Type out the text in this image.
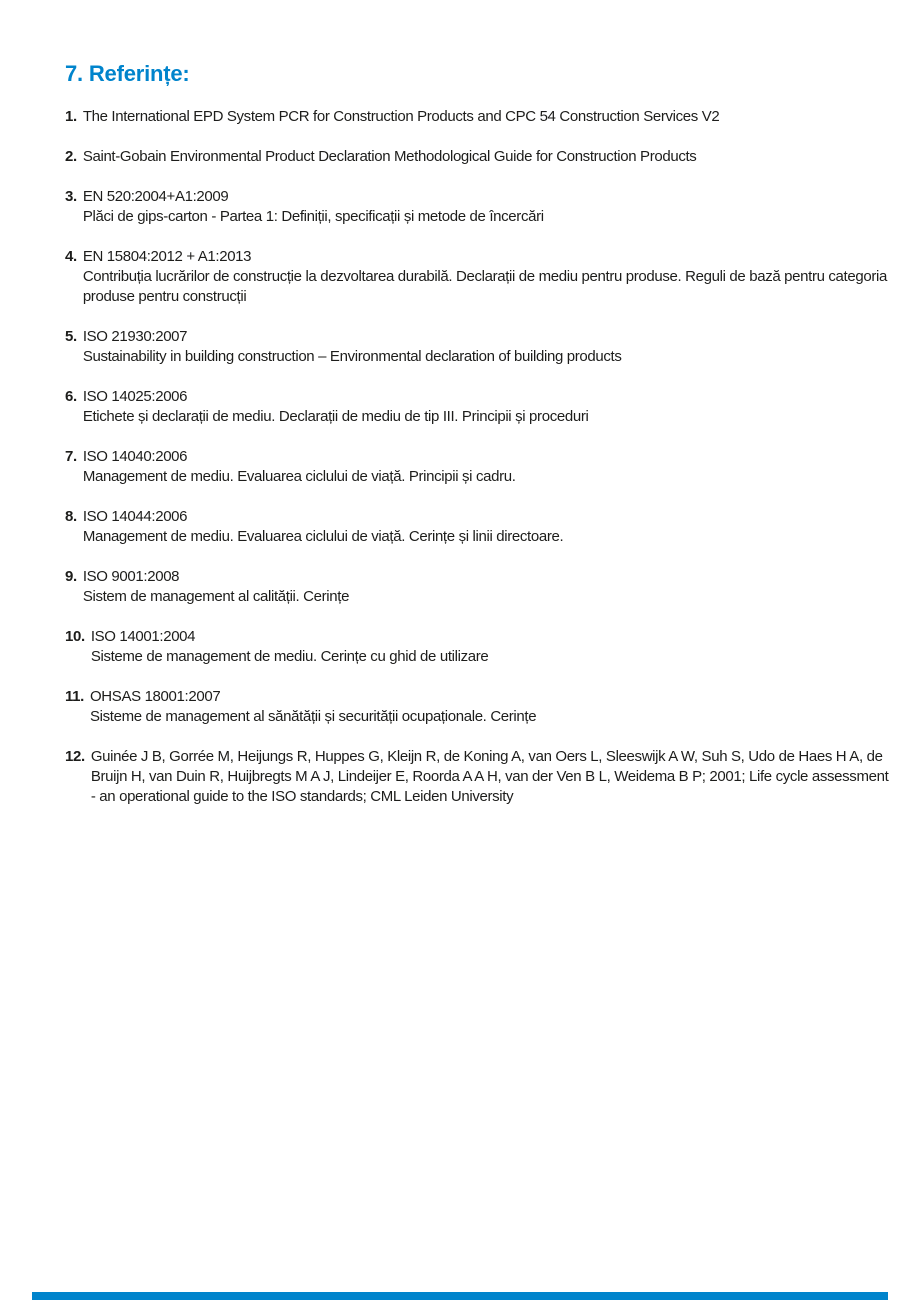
7. Referințe:
1. The International EPD System PCR for Construction Products and CPC 54 Construction Services V2
2. Saint-Gobain Environmental Product Declaration Methodological Guide for Construction Products
3. EN 520:2004+A1:2009
Plăci de gips-carton - Partea 1: Definiții, specificații și metode de încercări
4. EN 15804:2012 + A1:2013
Contribuția lucrărilor de construcție la dezvoltarea durabilă. Declarații de mediu pentru produse. Reguli de bază pentru categoria produse pentru construcții
5. ISO 21930:2007
Sustainability in building construction – Environmental declaration of building products
6. ISO 14025:2006
Etichete și declarații de mediu. Declarații de mediu de tip III. Principii și proceduri
7. ISO 14040:2006
Management de mediu. Evaluarea ciclului de viață. Principii și cadru.
8. ISO 14044:2006
Management de mediu. Evaluarea ciclului de viață. Cerințe și linii directoare.
9. ISO 9001:2008
Sistem de management al calității. Cerințe
10. ISO 14001:2004
Sisteme de management de mediu. Cerințe cu ghid de utilizare
11. OHSAS 18001:2007
Sisteme de management al sănătății și securității ocupaționale. Cerințe
12. Guinée J B, Gorrée M, Heijungs R, Huppes G, Kleijn R, de Koning A, van Oers L, Sleeswijk A W, Suh S, Udo de Haes H A, de Bruijn H, van Duin R, Huijbregts M A J, Lindeijer E, Roorda A A H, van der Ven B L, Weidema B P; 2001; Life cycle assessment - an operational guide to the ISO standards; CML Leiden University
